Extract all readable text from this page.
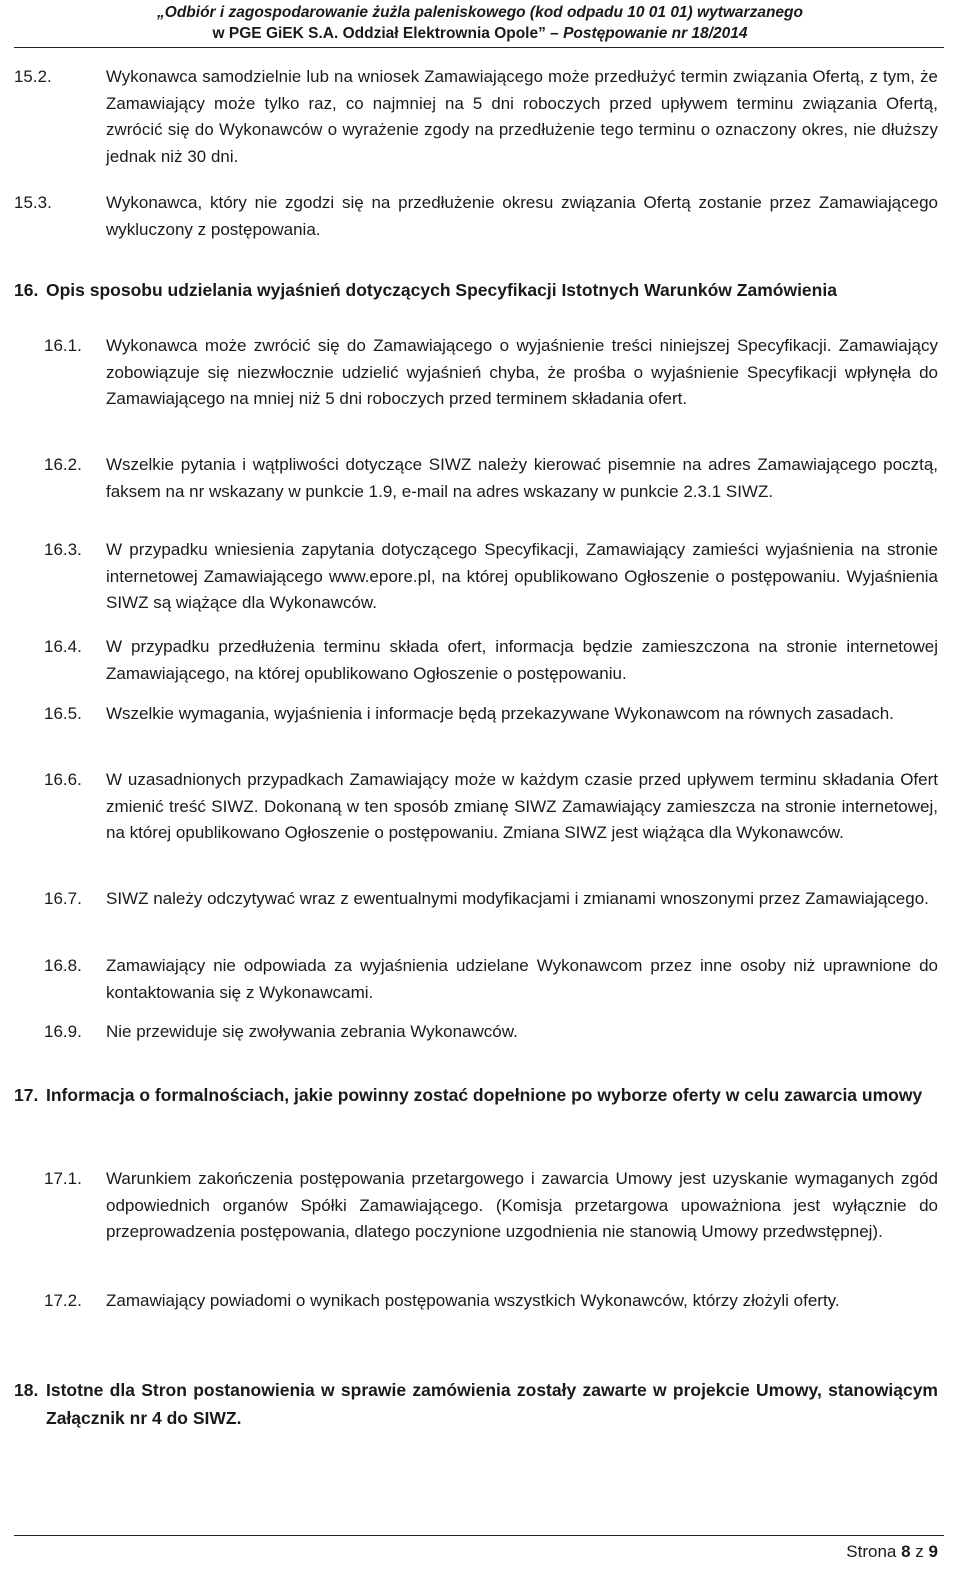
„Odbiór i zagospodarowanie żużla paleniskowego (kod odpadu 10 01 01) wytwarzanego
w PGE GiEK S.A. Oddział Elektrownia Opole” – Postępowanie nr 18/2014
15.2.	Wykonawca samodzielnie lub na wniosek Zamawiającego może przedłużyć termin związania Ofertą, z tym, że Zamawiający może tylko raz, co najmniej na 5 dni roboczych przed upływem terminu związania Ofertą, zwrócić się do Wykonawców o wyrażenie zgody na przedłużenie tego terminu o oznaczony okres, nie dłuższy jednak niż 30 dni.
15.3.	Wykonawca, który nie zgodzi się na przedłużenie okresu związania Ofertą zostanie przez Zamawiającego wykluczony z postępowania.
16. Opis sposobu udzielania wyjaśnień dotyczących Specyfikacji Istotnych Warunków Zamówienia
16.1.	Wykonawca może zwrócić się do Zamawiającego o wyjaśnienie treści niniejszej Specyfikacji. Zamawiający zobowiązuje się niezwłocznie udzielić wyjaśnień chyba, że prośba o wyjaśnienie Specyfikacji wpłynęła do Zamawiającego na mniej niż 5 dni roboczych przed terminem składania ofert.
16.2.	Wszelkie pytania i wątpliwości dotyczące SIWZ należy kierować pisemnie na adres Zamawiającego pocztą, faksem na nr wskazany w punkcie 1.9, e-mail na adres wskazany w punkcie 2.3.1 SIWZ.
16.3.	W przypadku wniesienia zapytania dotyczącego Specyfikacji, Zamawiający zamieści wyjaśnienia na stronie internetowej Zamawiającego www.epore.pl, na której opublikowano Ogłoszenie o postępowaniu. Wyjaśnienia SIWZ są wiążące dla Wykonawców.
16.4.	W przypadku przedłużenia terminu składa ofert, informacja będzie zamieszczona na stronie internetowej Zamawiającego, na której opublikowano Ogłoszenie o postępowaniu.
16.5.	Wszelkie wymagania, wyjaśnienia i informacje będą przekazywane Wykonawcom na równych zasadach.
16.6.	W uzasadnionych przypadkach Zamawiający może w każdym czasie przed upływem terminu składania Ofert zmienić treść SIWZ. Dokonaną w ten sposób zmianę SIWZ Zamawiający zamieszcza na stronie internetowej, na której opublikowano Ogłoszenie o postępowaniu. Zmiana SIWZ jest wiążąca dla Wykonawców.
16.7.	SIWZ należy odczytywać wraz z ewentualnymi modyfikacjami i zmianami wnoszonymi przez Zamawiającego.
16.8.	Zamawiający nie odpowiada za wyjaśnienia udzielane Wykonawcom przez inne osoby niż uprawnione do kontaktowania się z Wykonawcami.
16.9.	Nie przewiduje się zwoływania zebrania Wykonawców.
17. Informacja o formalnościach, jakie powinny zostać dopełnione po wyborze oferty w celu zawarcia umowy
17.1.	Warunkiem zakończenia postępowania przetargowego i zawarcia Umowy jest uzyskanie wymaganych zgód odpowiednich organów Spółki Zamawiającego. (Komisja przetargowa upoważniona jest wyłącznie do przeprowadzenia postępowania, dlatego poczynione uzgodnienia nie stanowią Umowy przedwstępnej).
17.2.	Zamawiający powiadomi o wynikach postępowania wszystkich Wykonawców, którzy złożyli oferty.
18. Istotne dla Stron postanowienia w sprawie zamówienia zostały zawarte w projekcie Umowy, stanowiącym Załącznik nr 4 do SIWZ.
Strona 8 z 9
